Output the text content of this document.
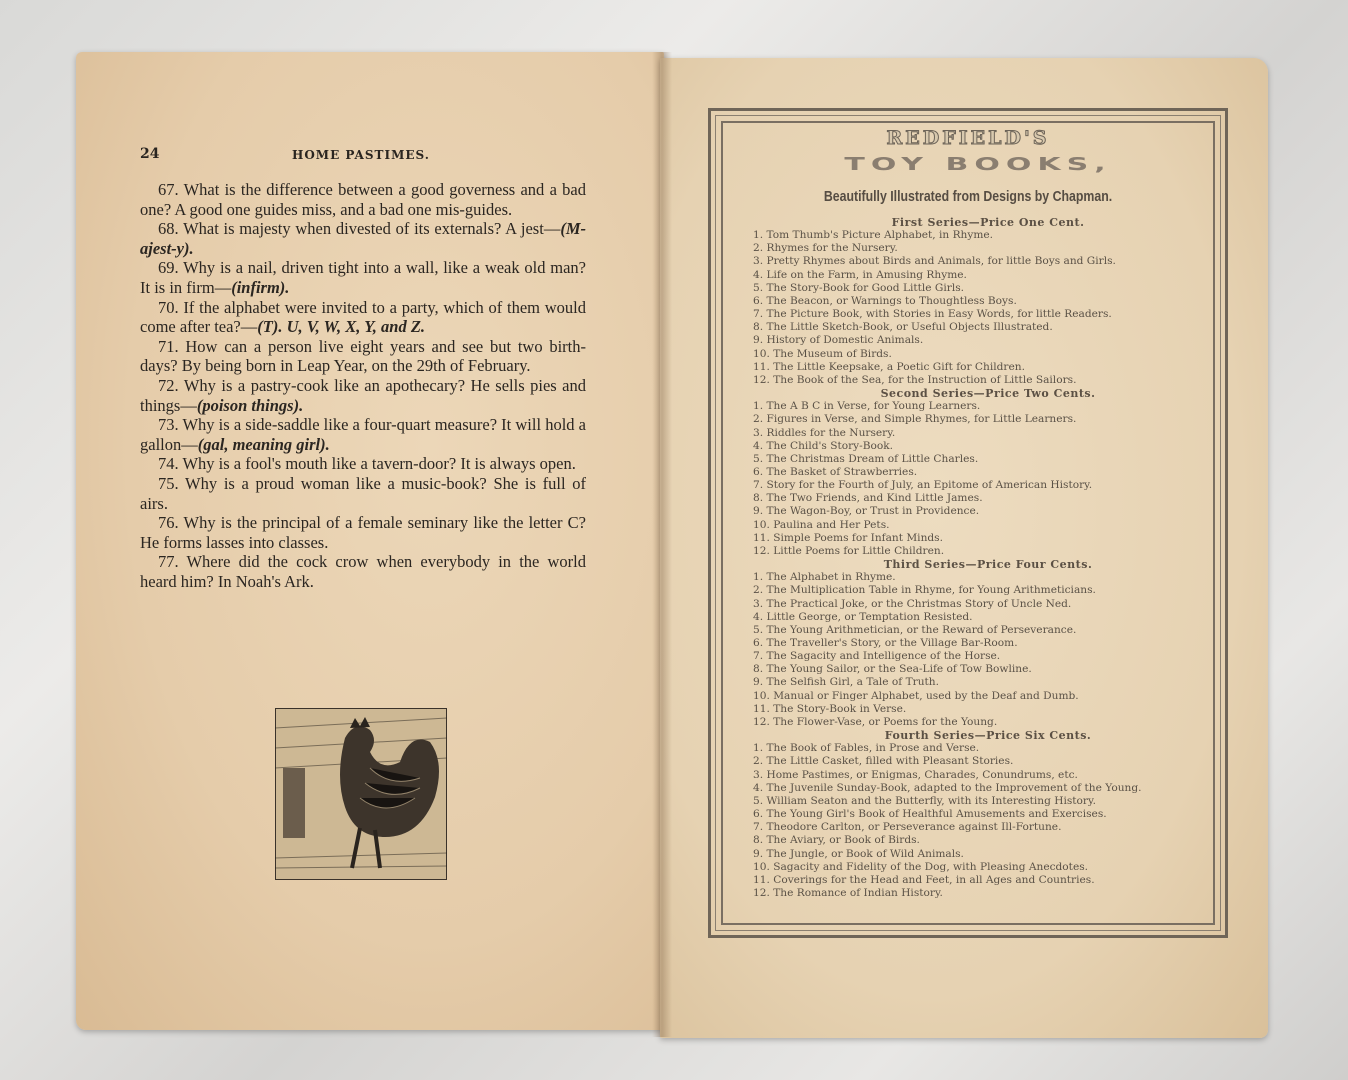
24	HOME PASTIMES.

67. What is the difference between a good governess and a bad one? A good one guides miss, and a bad one mis-guides.

68. What is majesty when divested of its externals? A jest—(M-ajest-y).

69. Why is a nail, driven tight into a wall, like a weak old man? It is in firm—(infirm).

70. If the alphabet were invited to a party, which of them would come after tea?—(T). U, V, W, X, Y, and Z.

71. How can a person live eight years and see but two birth-days? By being born in Leap Year, on the 29th of February.

72. Why is a pastry-cook like an apothecary? He sells pies and things—(poison things).

73. Why is a side-saddle like a four-quart measure? It will hold a gallon—(gal, meaning girl).

74. Why is a fool's mouth like a tavern-door? It is always open.

75. Why is a proud woman like a music-book? She is full of airs.

76. Why is the principal of a female seminary like the letter C? He forms lasses into classes.

77. Where did the cock crow when everybody in the world heard him? In Noah's Ark.

REDFIELD'S
TOY BOOKS,
Beautifully Illustrated from Designs by Chapman.
First Series—Price One Cent.
1. Tom Thumb's Picture Alphabet, in Rhyme.
2. Rhymes for the Nursery.
3. Pretty Rhymes about Birds and Animals, for little Boys and Girls.
4. Life on the Farm, in Amusing Rhyme.
5. The Story-Book for Good Little Girls.
6. The Beacon, or Warnings to Thoughtless Boys.
7. The Picture Book, with Stories in Easy Words, for little Readers.
8. The Little Sketch-Book, or Useful Objects Illustrated.
9. History of Domestic Animals.
10. The Museum of Birds.
11. The Little Keepsake, a Poetic Gift for Children.
12. The Book of the Sea, for the Instruction of Little Sailors.
Second Series—Price Two Cents.
1. The A B C in Verse, for Young Learners.
2. Figures in Verse, and Simple Rhymes, for Little Learners.
3. Riddles for the Nursery.
4. The Child's Story-Book.
5. The Christmas Dream of Little Charles.
6. The Basket of Strawberries.
7. Story for the Fourth of July, an Epitome of American History.
8. The Two Friends, and Kind Little James.
9. The Wagon-Boy, or Trust in Providence.
10. Paulina and Her Pets.
11. Simple Poems for Infant Minds.
12. Little Poems for Little Children.
Third Series—Price Four Cents.
1. The Alphabet in Rhyme.
2. The Multiplication Table in Rhyme, for Young Arithmeticians.
3. The Practical Joke, or the Christmas Story of Uncle Ned.
4. Little George, or Temptation Resisted.
5. The Young Arithmetician, or the Reward of Perseverance.
6. The Traveller's Story, or the Village Bar-Room.
7. The Sagacity and Intelligence of the Horse.
8. The Young Sailor, or the Sea-Life of Tow Bowline.
9. The Selfish Girl, a Tale of Truth.
10. Manual or Finger Alphabet, used by the Deaf and Dumb.
11. The Story-Book in Verse.
12. The Flower-Vase, or Poems for the Young.
Fourth Series—Price Six Cents.
1. The Book of Fables, in Prose and Verse.
2. The Little Casket, filled with Pleasant Stories.
3. Home Pastimes, or Enigmas, Charades, Conundrums, etc.
4. The Juvenile Sunday-Book, adapted to the Improvement of the Young.
5. William Seaton and the Butterfly, with its Interesting History.
6. The Young Girl's Book of Healthful Amusements and Exercises.
7. Theodore Carlton, or Perseverance against Ill-Fortune.
8. The Aviary, or Book of Birds.
9. The Jungle, or Book of Wild Animals.
10. Sagacity and Fidelity of the Dog, with Pleasing Anecdotes.
11. Coverings for the Head and Feet, in all Ages and Countries.
12. The Romance of Indian History.
